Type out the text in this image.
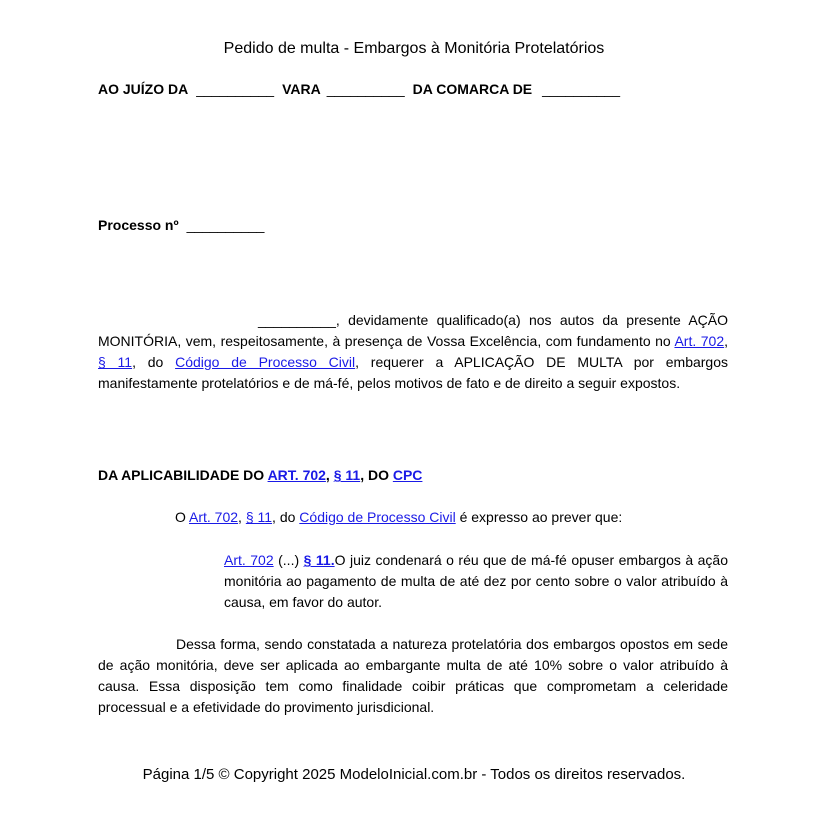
Pedido de multa - Embargos à Monitória Protelatórios
AO JUÍZO DA __________ VARA __________ DA COMARCA DE __________
Processo nº __________
__________, devidamente qualificado(a) nos autos da presente AÇÃO MONITÓRIA, vem, respeitosamente, à presença de Vossa Excelência, com fundamento no Art. 702, § 11, do Código de Processo Civil, requerer a APLICAÇÃO DE MULTA por embargos manifestamente protelatórios e de má-fé, pelos motivos de fato e de direito a seguir expostos.
DA APLICABILIDADE DO ART. 702, § 11, DO CPC
O Art. 702, § 11, do Código de Processo Civil é expresso ao prever que:
Art. 702 (...) § 11.O juiz condenará o réu que de má-fé opuser embargos à ação monitória ao pagamento de multa de até dez por cento sobre o valor atribuído à causa, em favor do autor.
Dessa forma, sendo constatada a natureza protelatória dos embargos opostos em sede de ação monitória, deve ser aplicada ao embargante multa de até 10% sobre o valor atribuído à causa. Essa disposição tem como finalidade coibir práticas que comprometam a celeridade processual e a efetividade do provimento jurisdicional.
Página 1/5 © Copyright 2025 ModeloInicial.com.br - Todos os direitos reservados.
